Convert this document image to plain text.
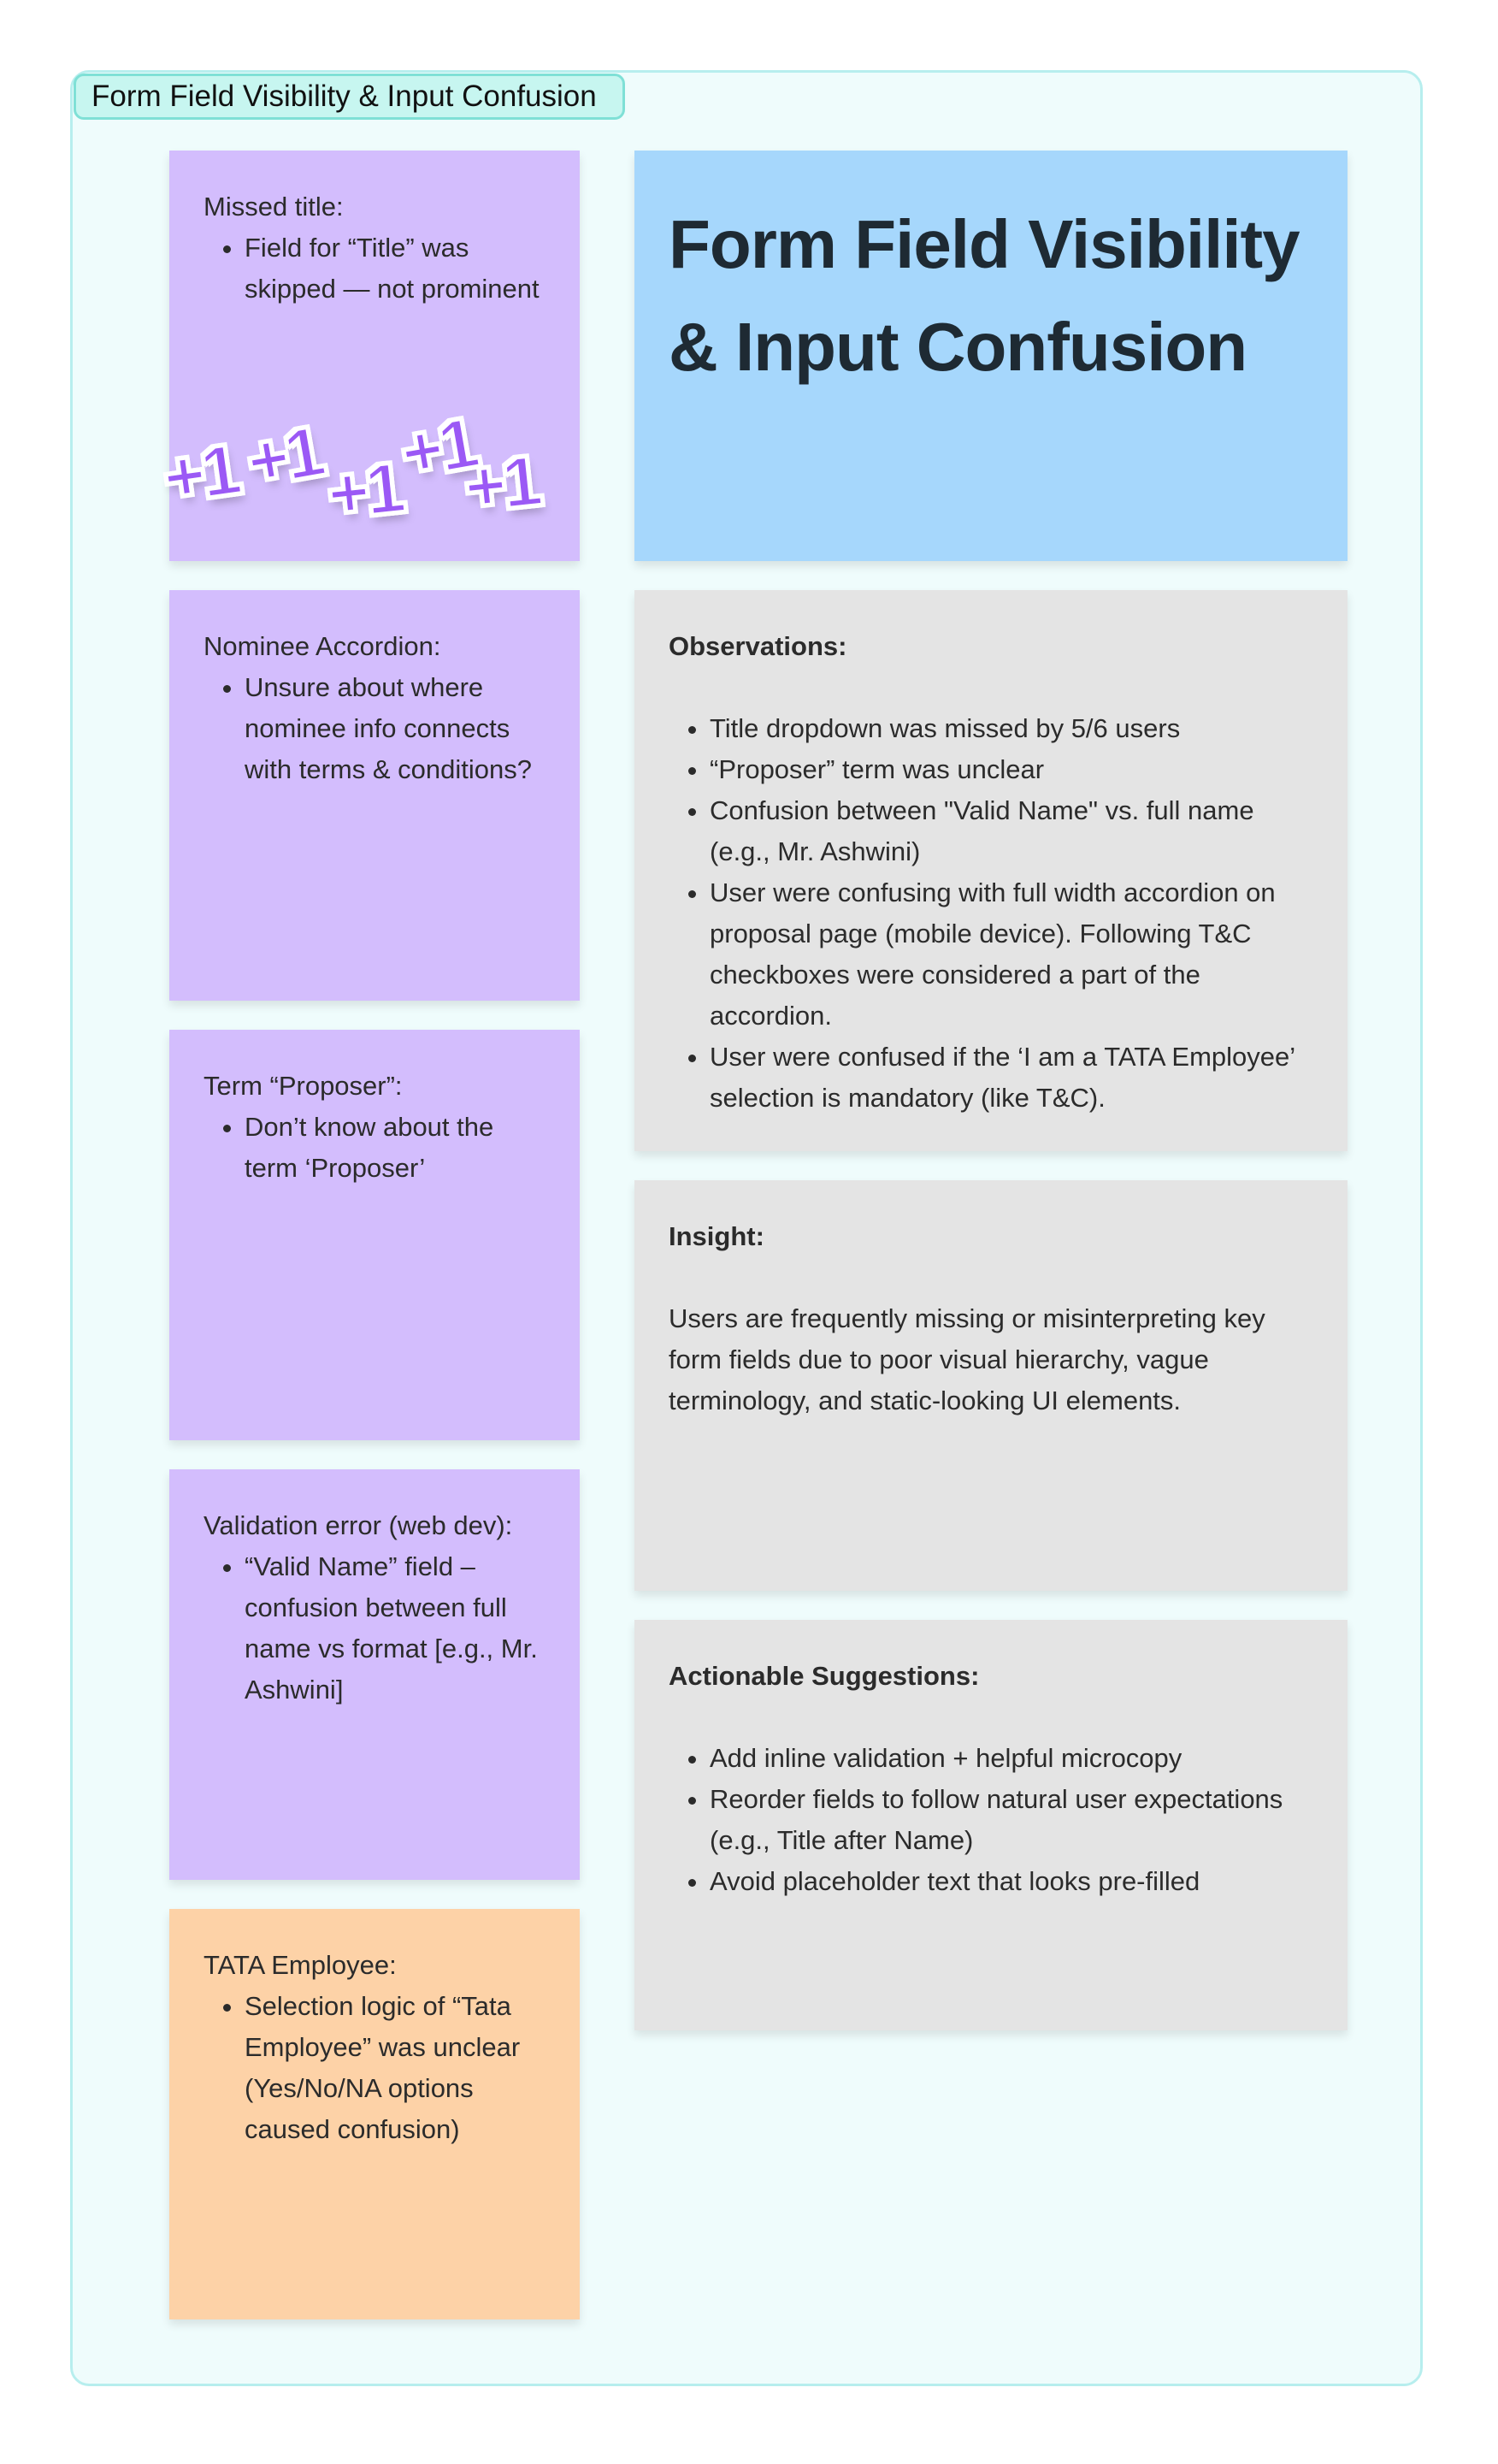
Form Field Visibility & Input Confusion

Missed title:

• Field for “Title” was skipped — not prominent
+1 +1
+1
+1
+1

Nominee Accordion:

• Unsure about where nominee info connects with terms & conditions?

Term “Proposer”:

• Don’t know about the term ‘Proposer’

Validation error (web dev):

• “Valid Name” field – confusion between full name vs format [e.g., Mr. Ashwini]

TATA Employee:

• Selection logic of “Tata Employee” was unclear (Yes/No/NA options caused confusion)

Form Field Visibility & Input Confusion

Observations:

• Title dropdown was missed by 5/6 users
• “Proposer” term was unclear
• Confusion between "Valid Name" vs. full name (e.g., Mr. Ashwini)
• User were confusing with full width accordion on proposal page (mobile device). Following T&C checkboxes were considered a part of the accordion.
• User were confused if the ‘I am a TATA Employee’ selection is mandatory (like T&C).

Insight:

Users are frequently missing or misinterpreting key form fields due to poor visual hierarchy, vague terminology, and static-looking UI elements.

Actionable Suggestions:

• Add inline validation + helpful microcopy
• Reorder fields to follow natural user expectations (e.g., Title after Name)
• Avoid placeholder text that looks pre-filled
